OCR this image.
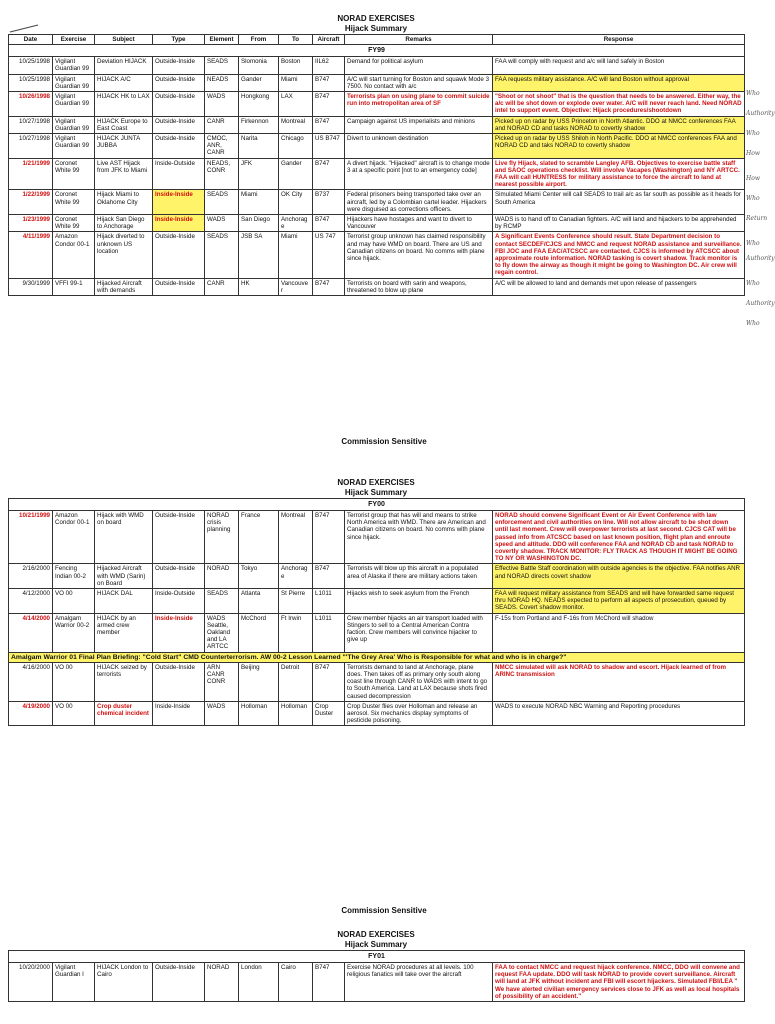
NORAD EXERCISES
Hijack Summary
Date	Exercise	Subject	Type	Element	From	To	Aircraft	Remarks	Response
FY99									
10/25/1998	Vigilant Guardian 99	Deviation HIJACK	Outside-Inside	SEADS	Slomonia	Boston	IIL62	Demand for political asylum	FAA will comply with request and a/c will land safely in Boston
10/25/1998	Vigilant Guardian 99	HIJACK A/C	Outside-Inside	NEADS	Gander	Miami	B747	A/C will start turning for Boston and squawk Mode 3 7500. No contact with a/c	FAA requests military assistance. A/C will land Boston without approval
10/26/1998	Vigilant Guardian 99	HIJACK HK to LAX	Outside-Inside	WADS	Hongkong	LAX	B747	Terrorists plan on using plane to commit suicide run into metropolitan area of SF	"Shoot or not shoot" that is the question that needs to be answered. Either way, the a/c will be shot down or explode over water. A/C will never reach land. Need NORAD intel to support event. Objective: Hijack procedures/shootdown
10/27/1998	Vigilant Guardian 99	HIJACK Europe to East Coast	Outside-Inside	CANR	Firkennon	Montreal	B747	Campaign against US imperialists and minions	Picked up on radar by USS Princeton in North Atlantic. DDO at NMCC conferences FAA and NORAD CD and tasks NORAD to covertly shadow
10/27/1998	Vigilant Guardian 99	HIJACK JUNTA JUBBA	Outside-Inside	CMOC, ANR, CANR	Narita	Chicago	US B747	Divert to unknown destination	Picked up on radar by USS Shiloh in North Pacific. DDO at NMCC conferences FAA and NORAD CD and taks NORAD to covertly shadow
1/21/1999	Coronet White 99	Live AST Hijack from JFK to Miami	Inside-Outside	NEADS, CONR	JFK	Gander	B747	A divert hijack. "Hijacked" aircraft is to change mode 3 at a specific point [not to an emergency code]	Live fly Hijack, slated to scramble Langley AFB. Objectives to exercise battle staff and SAOC operations checklist. Will involve Vacapes (Washington) and NY ARTCC. FAA will call HUNTRESS for military assistance to force the aircraft to land at nearest possible airport.
1/22/1999	Coronet White 99	Hijack Miami to Oklahome City	Inside-Inside	SEADS	Miami	OK City	B737	Federal prisoners being transported take over an aircraft, led by a Colombian cartel leader. Hijackers were disguised as corrections officers.	Simulated Miami Center will call SEADS to trail a/c as far south as possible as it heads for South America
1/23/1999	Coronet White 99	Hijack San Diego to Anchorage	Inside-Inside	WADS	San Diego	Anchorage	B747	Hijackers have hostages and want to divert to Vancouver	WADS is to hand off to Canadian fighters. A/C will land and hijackers to be apprehended by RCMP
4/11/1999	Amazon Condor 00-1	Hijack diverted to unknown US location	Outside-Inside	SEADS	JSB SA	Miami	US 747	Terrorist group unknown has claimed responsibility and may have WMD on board. There are US and Canadian citizens on board. No comms with plane since hijack.	A Significant Events Conference should result. State Department decision to contact SECDEF/CJCS and NMCC and request NORAD assistance and surveillance. FBI JOC and FAA EAC/ATCSCC are contacted. CJCS is informed by ATCSCC about approximate route information. NORAD tasking is covert shadow. Track monitor is to fly down the airway as though it might be going to Washington DC. Air crew will regain control.
9/30/1999	VFFI 99-1	Hijacked Aircraft with demands	Outside-Inside	CANR	HK	Vancouver	B747	Terrorists on board with sarin and weapons, threatened to blow up plane	A/C will be allowed to land and demands met upon release of passengers
Commission Sensitive
NORAD EXERCISES
Hijack Summary
FY00									
10/21/1999	Amazon Condor 00-1	Hijack with WMD on board	Outside-Inside	NORAD crisis planning	France	Montreal	B747	Terrorist group that has will and means to strike North America with WMD. There are American and Canadian citizens on board. No comms with plane since hijack.	NORAD should convene Significant Event or Air Event Conference with law enforcement and civil authorities on line. Will not allow aircraft to be shot down until last moment. Crew will overpower terrorists at last second. CJCS CAT will be passed info from ATCSCC based on last known position, flight plan and enroute speed and altitude. DDO will conference FAA and NORAD CD and task NORAD to covertly shadow. TRACK MONITOR: FLY TRACK AS THOUGH IT MIGHT BE GOING TO NY OR WASHINGTON DC.
2/16/2000	Fencing Indian 00-2	Hijacked Aircraft with WMD (Sarin) on Board	Outside-Inside	NORAD	Tokyo	Anchorage	B747	Terrorists will blow up this aircraft in a populated area of Alaska if there are military actions taken	Effective Battle Staff coordination with outside agencies is the objective. FAA notifies ANR and NORAD directs covert shadow
4/12/2000	VO 00	HIJACK DAL	Inside-Outside	SEADS	Atlanta	St Pierre	L1011	Hijacks wish to seek asylum from the French	FAA will request military assistance from SEADS and will have forwarded same request thru NORAD HQ. NEADS expected to perform all aspects of prosecution, queued by SEADS. Covert shadow monitor.
4/14/2000	Amalgam Warrior 00-2	HIJACK by an armed crew member	Inside-Inside	WADS Seattle, Oakland and LA ARTCC	McChord	Ft Irwin	L1011	Crew member hijacks an air transport loaded with Stingers to sell to a Central American Contra faction. Crew members will convince hijacker to give up	F-15s from Portland and F-16s from McChord will shadow
Amalgam Warrior 01 Final Plan Briefing: "Cold Start" CMD Counterterrorism. AW 00-2 Lesson Learned "'The Grey Area' Who is Responsible for what and who is in charge?"									
4/16/2000	VO 00	HIJACK seized by terrorists	Outside-Inside	ARN CANR CONR	Beijing	Detroit	B747	Terrorists demand to land at Anchorage, plane does. Then takes off as primary only south along coast line through CANR to WADS with intent to go to South America. Land at LAX because shots fired caused decompression	NMCC simulated will ask NORAD to shadow and escort. Hijack learned of from ARINC transmission
4/19/2000	VO 00	Crop duster chemical incident	Inside-Inside	WADS	Holloman	Holloman	Crop Duster	Crop Duster flies over Holloman and release an aerosol. Six mechanics display symptoms of pesticide poisoning.	WADS to execute NORAD NBC Warning and Reporting procedures
Commission Sensitive
NORAD EXERCISES
Hijack Summary
FY01
10/20/2000	Vigilant Guardian I	HIJACK London to Cairo	Outside-Inside	NORAD	London	Cairo	B747	Exercise NORAD procedures at all levels. 100 religious fanatics will take over the aircraft	FAA to contact NMCC and request hijack conference. NMCC, DDO will convene and request FAA update. DDO will task NORAD to provide covert surveillance. Aircraft will land at JFK without incident and FBI will escort hijackers. Simulated FBI/LEA " We have alerted civilian emergency services close to JFK as well as local hospitals of possibility of an accident."
Who
Authority
Who
How
How
Who
Return
Who
Authority
Who
Authority
Who
